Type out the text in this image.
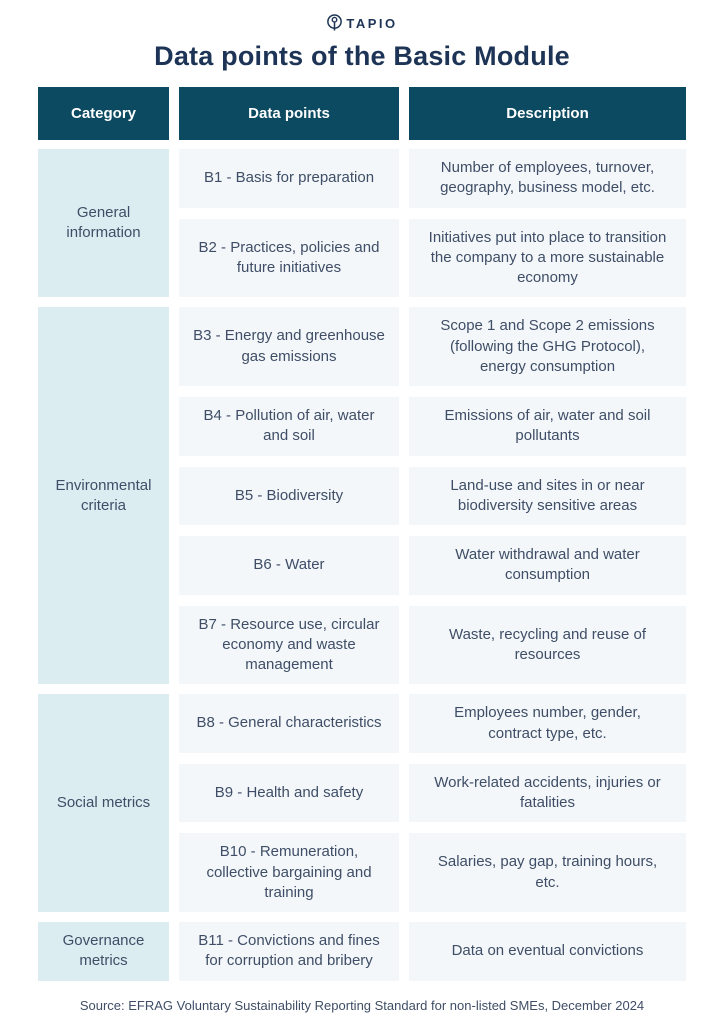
TAPIO
Data points of the Basic Module
Category	Data points	Description
General information
B1 - Basis for preparation
Number of employees, turnover, geography, business model, etc.
B2 - Practices, policies and future initiatives
Initiatives put into place to transition the company to a more sustainable economy
Environmental criteria
B3 - Energy and greenhouse gas emissions
Scope 1 and Scope 2 emissions (following the GHG Protocol), energy consumption
B4 - Pollution of air, water and soil
Emissions of air, water and soil pollutants
B5 - Biodiversity
Land-use and sites in or near biodiversity sensitive areas
B6 - Water
Water withdrawal and water consumption
B7 - Resource use, circular economy and waste management
Waste, recycling and reuse of resources
Social metrics
B8 - General characteristics
Employees number, gender, contract type, etc.
B9 - Health and safety
Work-related accidents, injuries or fatalities
B10 - Remuneration, collective bargaining and training
Salaries, pay gap, training hours, etc.
Governance metrics
B11 - Convictions and fines for corruption and bribery
Data on eventual convictions
Source: EFRAG Voluntary Sustainability Reporting Standard for non-listed SMEs, December 2024
